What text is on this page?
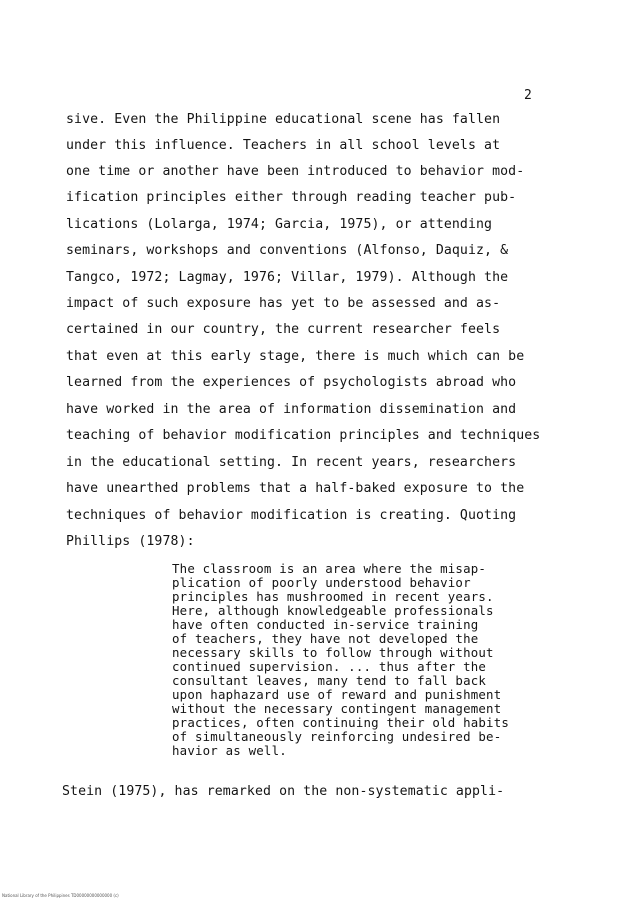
2
sive. Even the Philippine educational scene has fallen
under this influence. Teachers in all school levels at
one time or another have been introduced to behavior mod-
ification principles either through reading teacher pub-
lications (Lolarga, 1974; Garcia, 1975), or attending
seminars, workshops and conventions (Alfonso, Daquiz, &
Tangco, 1972; Lagmay, 1976; Villar, 1979). Although the
impact of such exposure has yet to be assessed and as-
certained in our country, the current researcher feels
that even at this early stage, there is much which can be
learned from the experiences of psychologists abroad who
have worked in the area of information dissemination and
teaching of behavior modification principles and techniques
in the educational setting. In recent years, researchers
have unearthed problems that a half-baked exposure to the
techniques of behavior modification is creating. Quoting
Phillips (1978):
The classroom is an area where the misap-
plication of poorly understood behavior
principles has mushroomed in recent years.
Here, although knowledgeable professionals
have often conducted in-service training
of teachers, they have not developed the
necessary skills to follow through without
continued supervision. ... thus after the
consultant leaves, many tend to fall back
upon haphazard use of reward and punishment
without the necessary contingent management
practices, often continuing their old habits
of simultaneously reinforcing undesired be-
havior as well.
Stein (1975), has remarked on the non-systematic appli-
National Library of the Philippines TD00000000000000 (c)
